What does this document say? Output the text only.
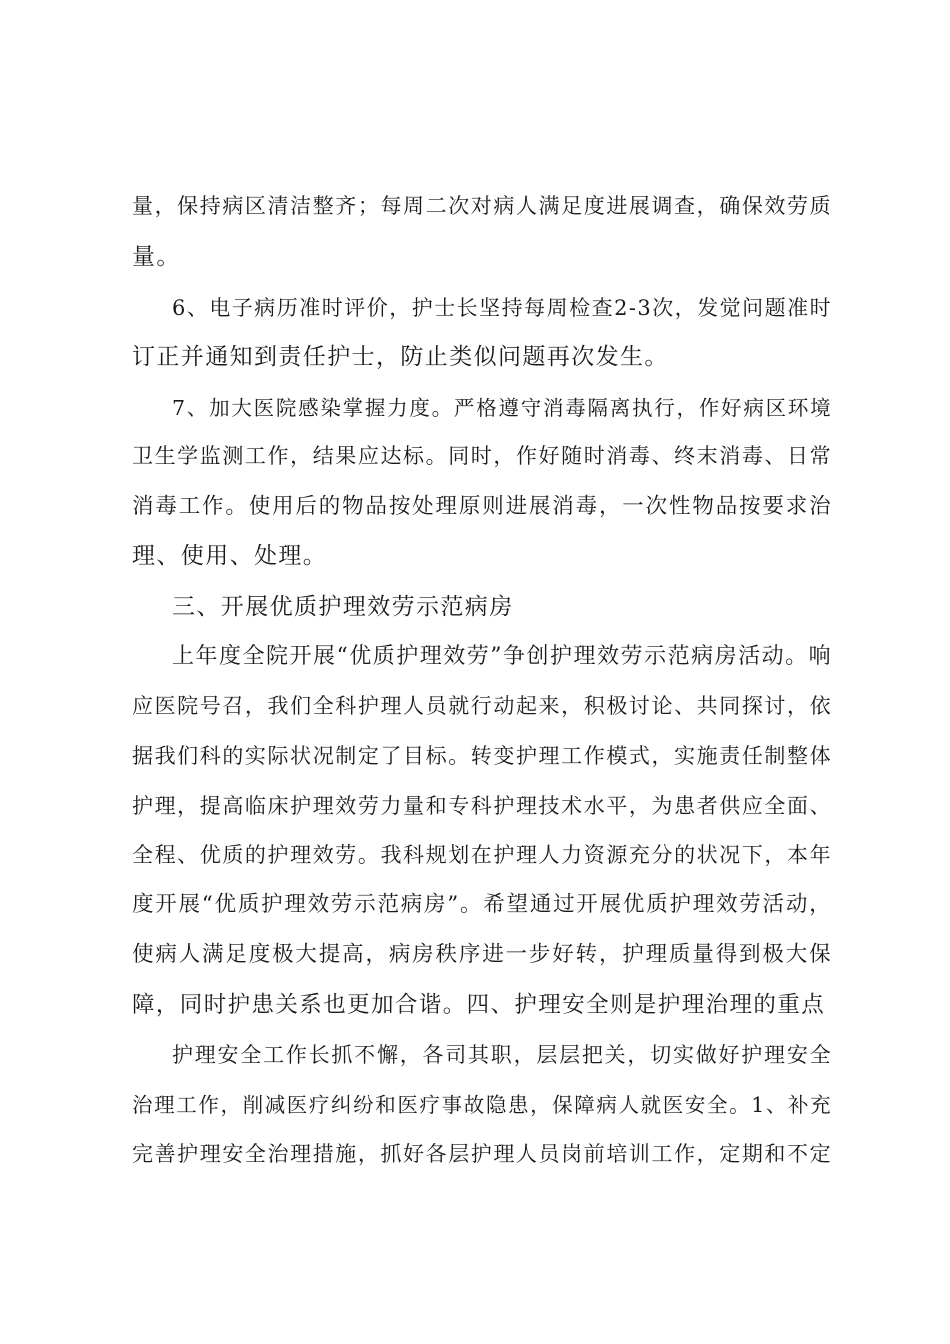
量，保持病区清洁整齐；每周二次对病人满足度进展调查，确保效劳质
量。
6、电子病历准时评价，护士长坚持每周检查2-3次，发觉问题准时
订正并通知到责任护士，防止类似问题再次发生。
7、加大医院感染掌握力度。严格遵守消毒隔离执行，作好病区环境
卫生学监测工作，结果应达标。同时，作好随时消毒、终末消毒、日常
消毒工作。使用后的物品按处理原则进展消毒，一次性物品按要求治
理、使用、处理。
三、开展优质护理效劳示范病房
上年度全院开展“优质护理效劳”争创护理效劳示范病房活动。响
应医院号召，我们全科护理人员就行动起来，积极讨论、共同探讨，依
据我们科的实际状况制定了目标。转变护理工作模式，实施责任制整体
护理，提高临床护理效劳力量和专科护理技术水平，为患者供应全面、
全程、优质的护理效劳。我科规划在护理人力资源充分的状况下，本年
度开展“优质护理效劳示范病房”。希望通过开展优质护理效劳活动，
使病人满足度极大提高，病房秩序进一步好转，护理质量得到极大保
障，同时护患关系也更加合谐。四、护理安全则是护理治理的重点
护理安全工作长抓不懈，各司其职，层层把关，切实做好护理安全
治理工作，削减医疗纠纷和医疗事故隐患，保障病人就医安全。1、补充
完善护理安全治理措施，抓好各层护理人员岗前培训工作，定期和不定
